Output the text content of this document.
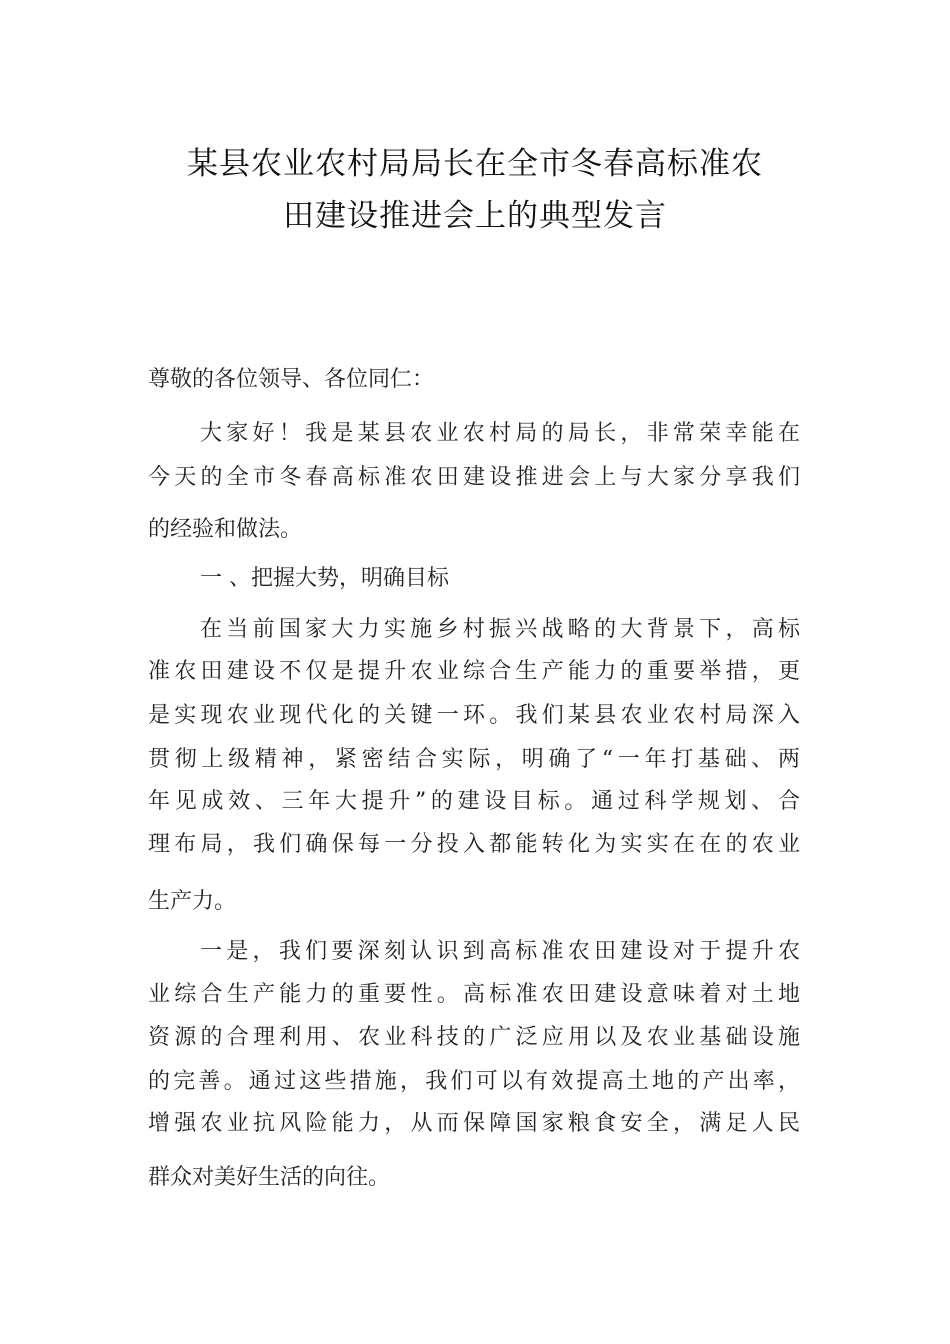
某县农业农村局局长在全市冬春高标准农
田建设推进会上的典型发言

尊敬的各位领导、各位同仁：

大家好！我是某县农业农村局的局长，非常荣幸能在

今天的全市冬春高标准农田建设推进会上与大家分享我们

的经验和做法。

一 、把握大势，明确目标

在当前国家大力实施乡村振兴战略的大背景下，高标

准农田建设不仅是提升农业综合生产能力的重要举措，更

是实现农业现代化的关键一环。我们某县农业农村局深入

贯彻上级精神，紧密结合实际，明确了“一年打基础、两

年见成效、三年大提升”的建设目标。通过科学规划、合

理布局，我们确保每一分投入都能转化为实实在在的农业

生产力。

一是，我们要深刻认识到高标准农田建设对于提升农

业综合生产能力的重要性。高标准农田建设意味着对土地

资源的合理利用、农业科技的广泛应用以及农业基础设施

的完善。通过这些措施，我们可以有效提高土地的产出率，

增强农业抗风险能力，从而保障国家粮食安全，满足人民

群众对美好生活的向往。
